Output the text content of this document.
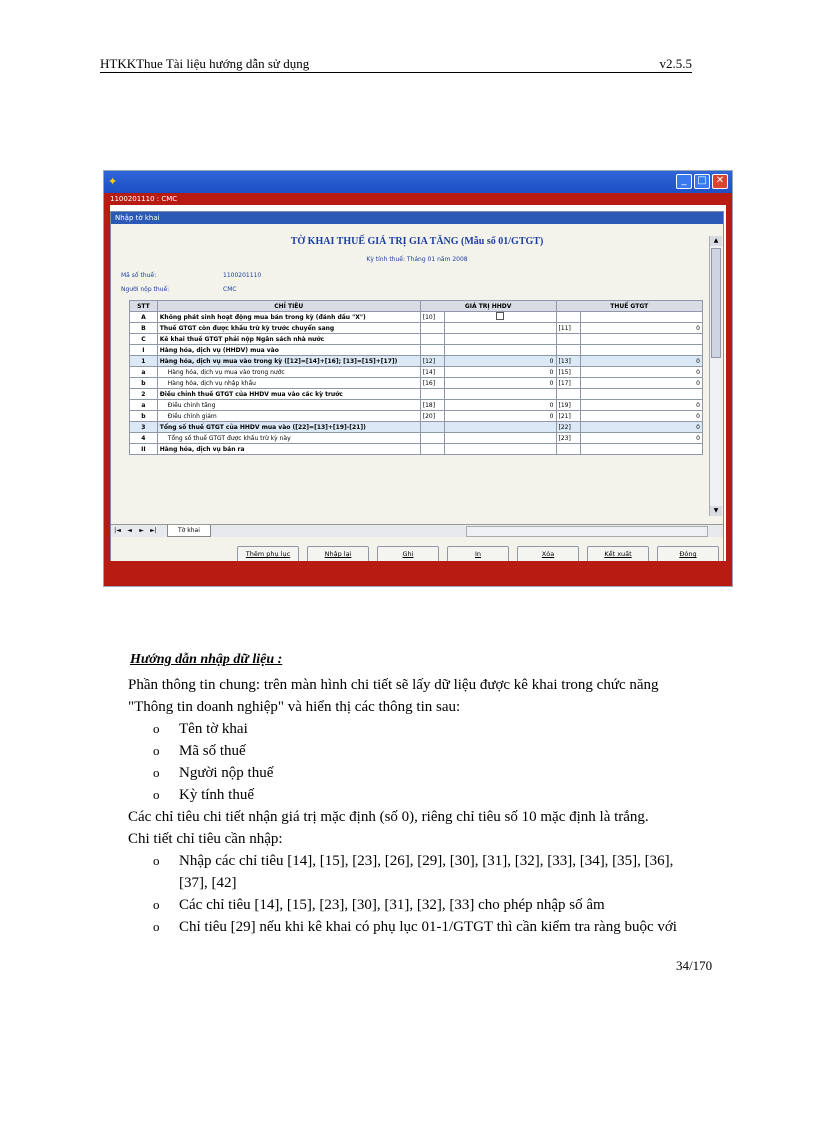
HTKKThue Tài liệu hướng dẫn sử dụng	v2.5.5
✦	_	□ ✕
1100201110 : CMC
Nhập tờ khai
TỜ KHAI THUẾ GIÁ TRỊ GIA TĂNG (Mẫu số 01/GTGT)
Kỳ tính thuế: Tháng 01 năm 2008
Mã số thuế:	1100201110
Người nộp thuế:	CMC
STT	CHỈ TIÊU	GIÁ TRỊ HHDV		THUẾ GTGT	
A	Không phát sinh hoạt động mua bán trong kỳ (đánh dấu "X")	[10]			
B	Thuế GTGT còn được khấu trừ kỳ trước chuyển sang			[11]	0
C	Kê khai thuế GTGT phải nộp Ngân sách nhà nước				
I	Hàng hóa, dịch vụ (HHDV) mua vào				
1	Hàng hóa, dịch vụ mua vào trong kỳ ([12]=[14]+[16]; [13]=[15]+[17])	[12]	0	[13]	0
a	Hàng hóa, dịch vụ mua vào trong nước	[14]	0	[15]	0
b	Hàng hóa, dịch vụ nhập khẩu	[16]	0	[17]	0
2	Điều chỉnh thuế GTGT của HHDV mua vào các kỳ trước				
a	Điều chỉnh tăng	[18]	0	[19]	0
b	Điều chỉnh giảm	[20]	0	[21]	0
3	Tổng số thuế GTGT của HHDV mua vào ([22]=[13]+[19]-[21])			[22]	0
4	Tổng số thuế GTGT được khấu trừ kỳ này			[23]	0
II	Hàng hóa, dịch vụ bán ra				
▲
▼
|◄	◄	►	►|	Tờ khai
Thêm phụ lục	Nhập lại	Ghi	In	Xóa	Kết xuất	Đóng
Hướng dẫn nhập dữ liệu :
Phần thông tin chung: trên màn hình chi tiết sẽ lấy dữ liệu được kê khai trong chức năng
"Thông tin doanh nghiệp" và hiển thị các thông tin sau:
o Tên tờ khai
o Mã số thuế
o Người nộp thuế
o Kỳ tính thuế
Các chỉ tiêu chi tiết nhận giá trị mặc định (số 0), riêng chỉ tiêu số 10 mặc định là trắng.
Chi tiết chỉ tiêu cần nhập:
o Nhập các chỉ tiêu [14], [15], [23], [26], [29], [30], [31], [32], [33], [34], [35], [36],
[37], [42]
o Các chỉ tiêu [14], [15], [23], [30], [31], [32], [33] cho phép nhập số âm
o Chỉ tiêu [29] nếu khi kê khai có phụ lục 01-1/GTGT thì cần kiểm tra ràng buộc với
34/170
